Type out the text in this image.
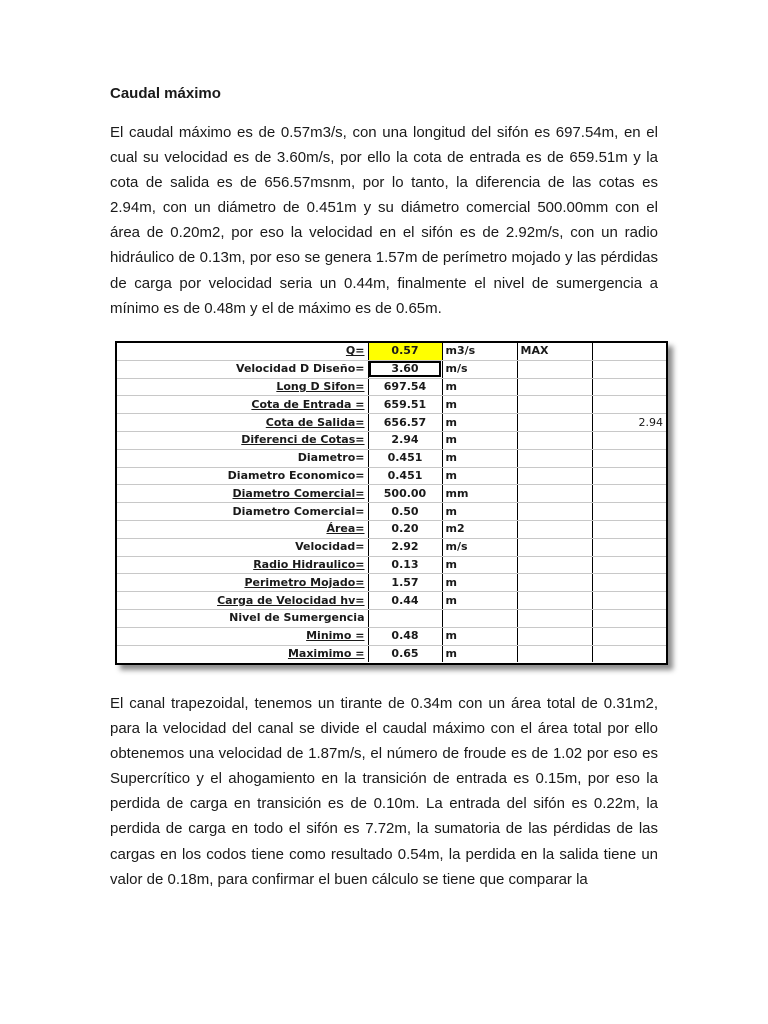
Caudal máximo

El caudal máximo es de 0.57m3/s, con una longitud del sifón es 697.54m, en el cual su velocidad es de 3.60m/s, por ello la cota de entrada es de 659.51m y la cota de salida es de 656.57msnm, por lo tanto, la diferencia de las cotas es 2.94m, con un diámetro de 0.451m y su diámetro comercial 500.00mm con el área de 0.20m2, por eso la velocidad en el sifón es de 2.92m/s, con un radio hidráulico de 0.13m, por eso se genera 1.57m de perímetro mojado y las pérdidas de carga por velocidad seria un 0.44m, finalmente el nivel de sumergencia a mínimo es de 0.48m y el de máximo es de 0.65m.

Q=	0.57	m3/s	MAX	
Velocidad D Diseño=	3.60	m/s		
Long D Sifon=	697.54	m		
Cota de Entrada =	659.51	m		
Cota de Salida=	656.57	m		2.94
Diferenci de Cotas=	2.94	m		
Diametro=	0.451	m		
Diametro Economico=	0.451	m		
Diametro Comercial=	500.00	mm		
Diametro Comercial=	0.50	m		
Área=	0.20	m2		
Velocidad=	2.92	m/s		
Radio Hidraulico=	0.13	m		
Perimetro Mojado=	1.57	m		
Carga de Velocidad hv=	0.44	m		
Nivel de Sumergencia				
Minimo =	0.48	m		
Maximimo =	0.65	m		

El canal trapezoidal, tenemos un tirante de 0.34m con un área total de 0.31m2, para la velocidad del canal se divide el caudal máximo con el área total por ello obtenemos una velocidad de 1.87m/s, el número de froude es de 1.02 por eso es Supercrítico y el ahogamiento en la transición de entrada es 0.15m, por eso la perdida de carga en transición es de 0.10m. La entrada del sifón es 0.22m, la perdida de carga en todo el sifón es 7.72m, la sumatoria de las pérdidas de las cargas en los codos tiene como resultado 0.54m, la perdida en la salida tiene un valor de 0.18m, para confirmar el buen cálculo se tiene que comparar la
